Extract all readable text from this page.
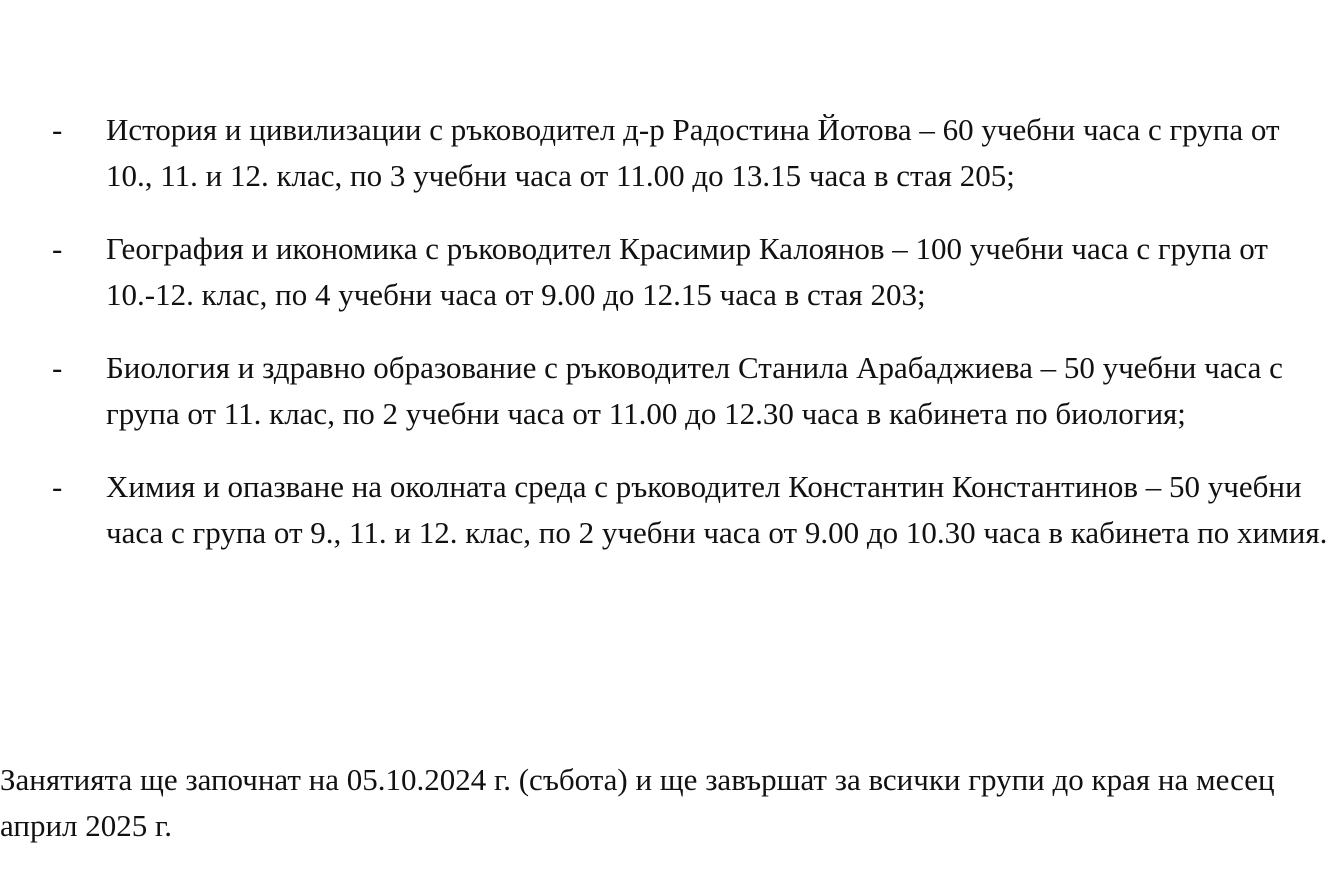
- История и цивилизации с ръководител д-р Радостина Йотова – 60 учебни часа с група от 10., 11. и 12. клас, по 3 учебни часа от 11.00 до 13.15 часа в стая 205;
- География и икономика с ръководител Красимир Калоянов – 100 учебни часа с група от 10.-12. клас, по 4 учебни часа от 9.00 до 12.15 часа в стая 203;
- Биология и здравно образование с ръководител Станила Арабаджиева – 50 учебни часа с група от 11. клас, по 2 учебни часа от 11.00 до 12.30 часа в кабинета по биология;
- Химия и опазване на околната среда с ръководител Константин Константинов – 50 учебни часа с група от 9., 11. и 12. клас, по 2 учебни часа от 9.00 до 10.30 часа в кабинета по химия.

Занятията ще започнат на 05.10.2024 г. (събота) и ще завършат за всички групи до края на месец април 2025 г.
